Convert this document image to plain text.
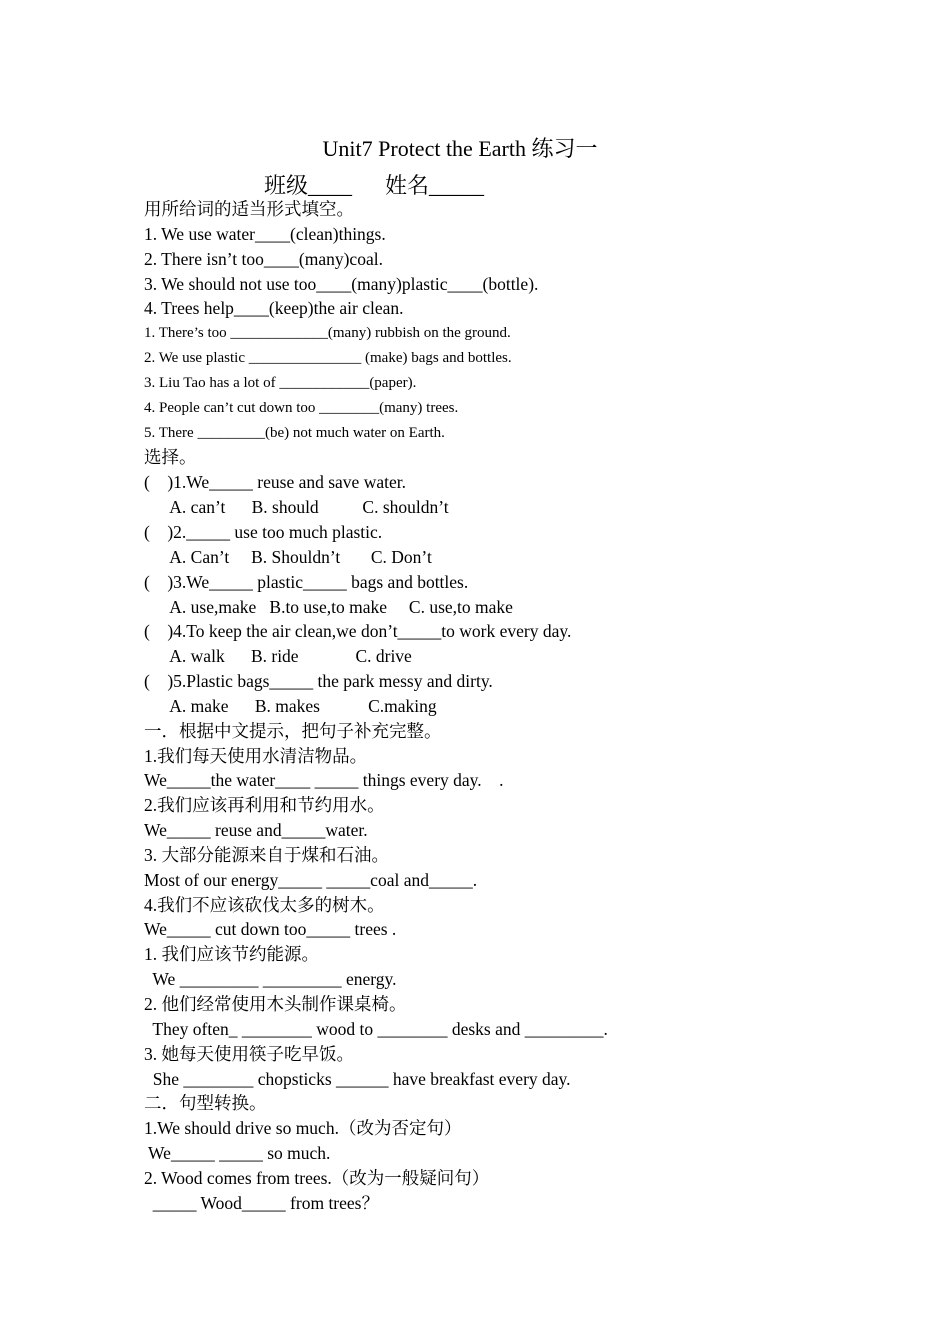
Unit7 Protect the Earth 练习一
班级____      姓名_____
用所给词的适当形式填空。
1. We use water____(clean)things.
2. There isn’t too____(many)coal.
3. We should not use too____(many)plastic____(bottle).
4. Trees help____(keep)the air clean.
1. There’s too _____________(many) rubbish on the ground.
2. We use plastic _______________ (make) bags and bottles.
3. Liu Tao has a lot of ____________(paper).
4. People can’t cut down too ________(many) trees.
5. There _________(be) not much water on Earth.
选择。
(    )1.We_____ reuse and save water.
A. can’t      B. should          C. shouldn’t
(    )2._____ use too much plastic.
A. Can’t     B. Shouldn’t       C. Don’t
(    )3.We_____ plastic_____ bags and bottles.
A. use,make   B.to use,to make     C. use,to make
(    )4.To keep the air clean,we don’t_____to work every day.
A. walk      B. ride             C. drive
(    )5.Plastic bags_____ the park messy and dirty.
A. make      B. makes           C.making
一．根据中文提示，把句子补充完整。
1.我们每天使用水清洁物品。
We_____the water____ _____ things every day.    .
2.我们应该再利用和节约用水。
We_____ reuse and_____water.
3. 大部分能源来自于煤和石油。
Most of our energy_____ _____coal and_____.
4.我们不应该砍伐太多的树木。
We_____ cut down too_____ trees .
1. 我们应该节约能源。
We _________ _________ energy.
2. 他们经常使用木头制作课桌椅。
They often_ ________ wood to ________ desks and _________.
3. 她每天使用筷子吃早饭。
She ________ chopsticks ______ have breakfast every day.
二．句型转换。
1.We should drive so much.（改为否定句）
We_____ _____ so much.
2. Wood comes from trees.（改为一般疑问句）
_____ Wood_____ from trees？
